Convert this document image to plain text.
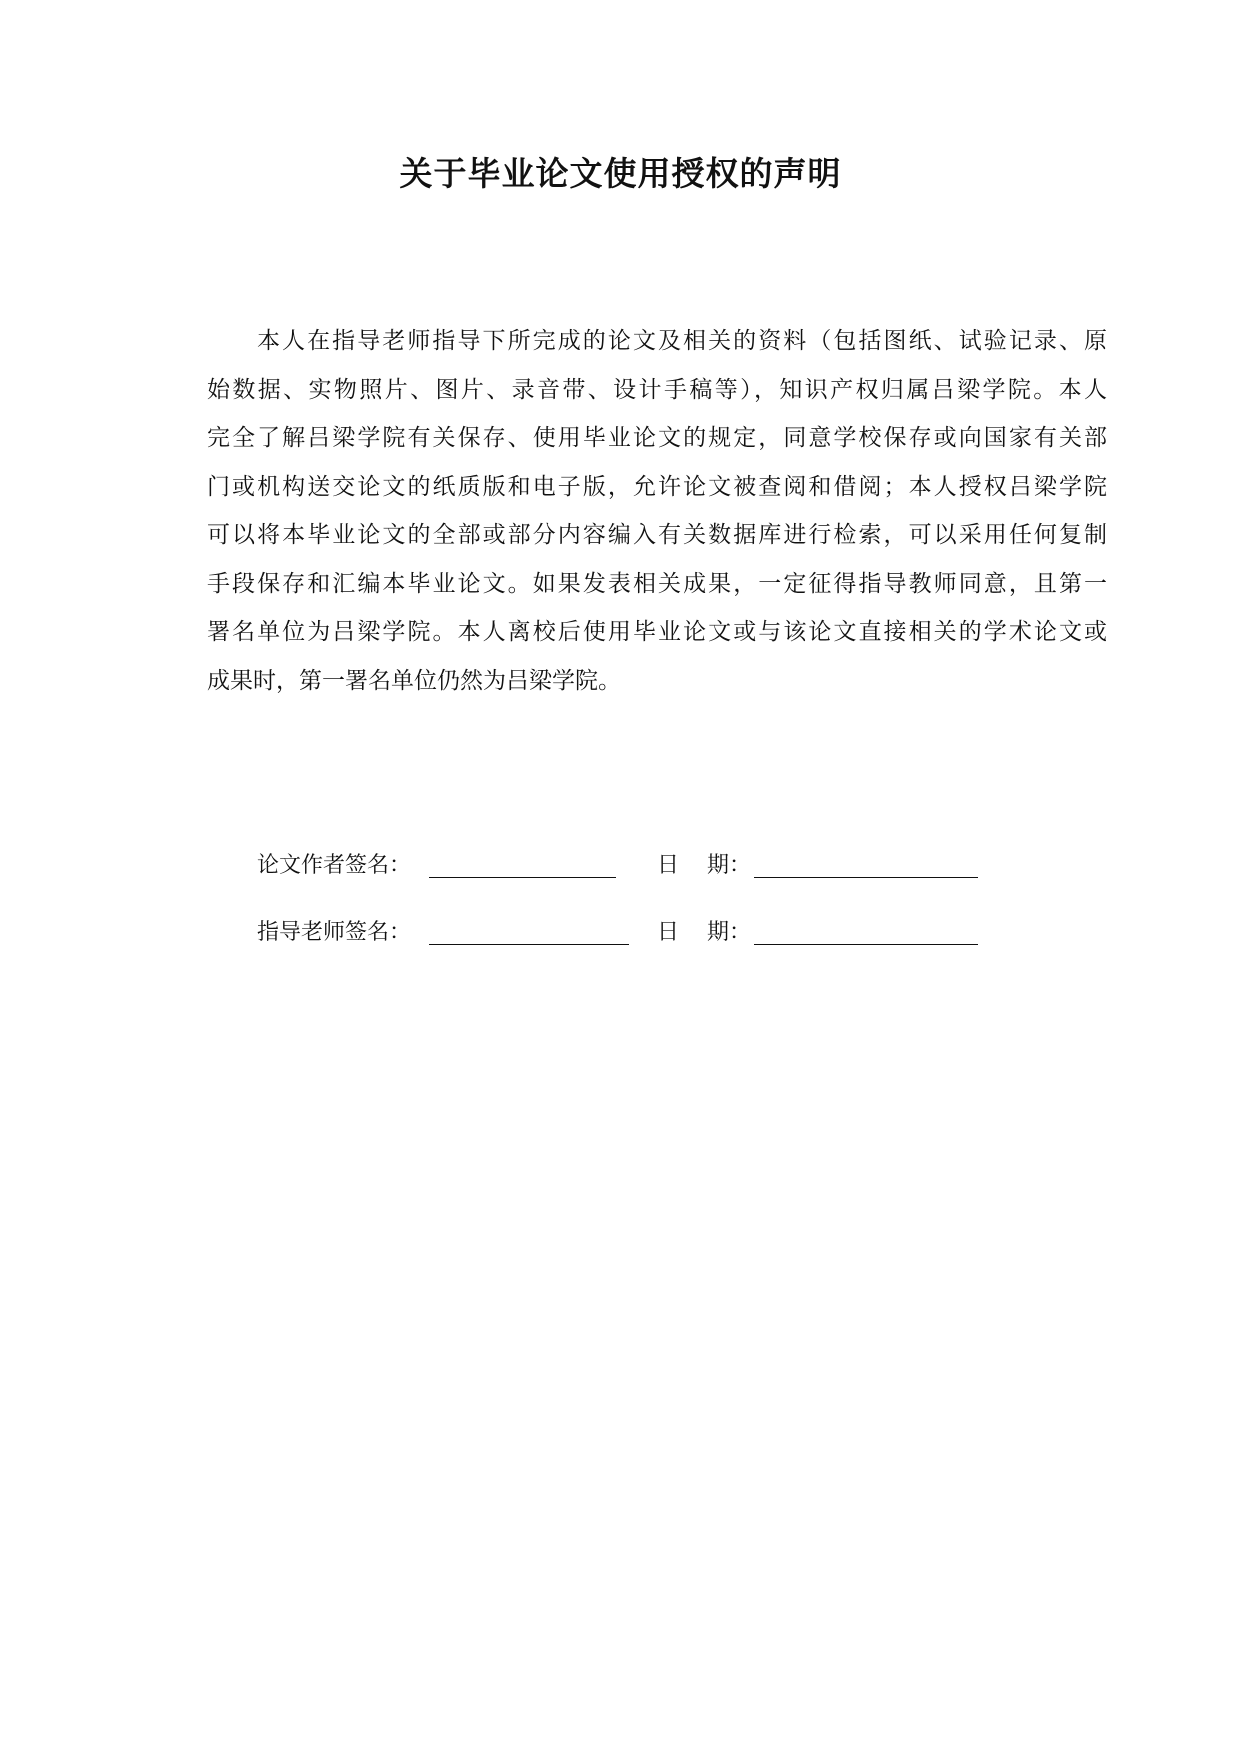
关于毕业论文使用授权的声明
本人在指导老师指导下所完成的论文及相关的资料（包括图纸、试验记录、原
始数据、实物照片、图片、录音带、设计手稿等），知识产权归属吕梁学院。本人
完全了解吕梁学院有关保存、使用毕业论文的规定，同意学校保存或向国家有关部
门或机构送交论文的纸质版和电子版，允许论文被查阅和借阅；本人授权吕梁学院
可以将本毕业论文的全部或部分内容编入有关数据库进行检索，可以采用任何复制
手段保存和汇编本毕业论文。如果发表相关成果，一定征得指导教师同意，且第一
署名单位为吕梁学院。本人离校后使用毕业论文或与该论文直接相关的学术论文或
成果时，第一署名单位仍然为吕梁学院。
论文作者签名：	日 期：
指导老师签名：	日 期：
